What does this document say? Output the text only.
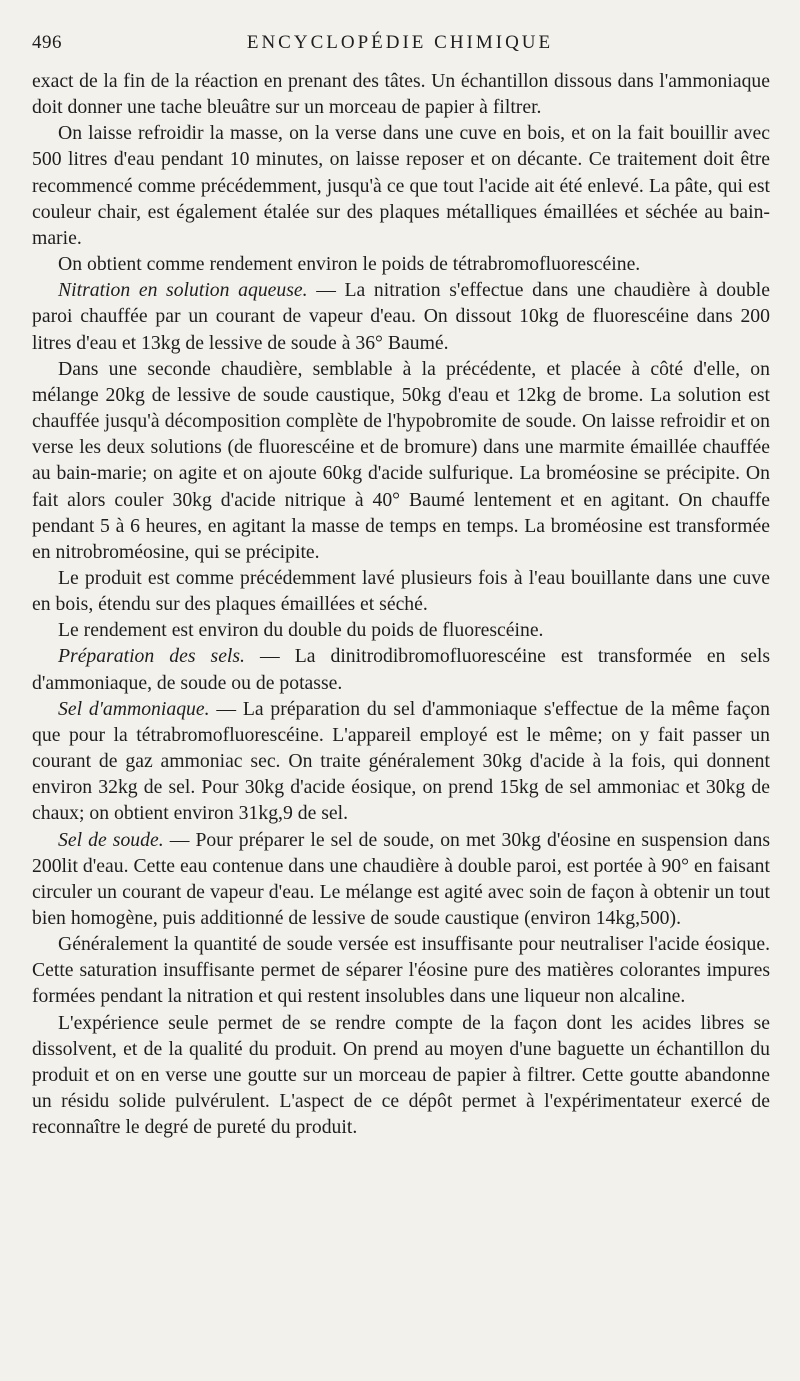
496	ENCYCLOPÉDIE CHIMIQUE

exact de la fin de la réaction en prenant des tâtes. Un échantillon dissous dans l'ammoniaque doit donner une tache bleuâtre sur un morceau de papier à filtrer.

On laisse refroidir la masse, on la verse dans une cuve en bois, et on la fait bouillir avec 500 litres d'eau pendant 10 minutes, on laisse reposer et on décante. Ce traitement doit être recommencé comme précédemment, jusqu'à ce que tout l'acide ait été enlevé. La pâte, qui est couleur chair, est également étalée sur des plaques métalliques émaillées et séchée au bain-marie.

On obtient comme rendement environ le poids de tétrabromofluorescéine.

Nitration en solution aqueuse. — La nitration s'effectue dans une chaudière à double paroi chauffée par un courant de vapeur d'eau. On dissout 10kg de fluorescéine dans 200 litres d'eau et 13kg de lessive de soude à 36° Baumé.

Dans une seconde chaudière, semblable à la précédente, et placée à côté d'elle, on mélange 20kg de lessive de soude caustique, 50kg d'eau et 12kg de brome. La solution est chauffée jusqu'à décomposition complète de l'hypobromite de soude. On laisse refroidir et on verse les deux solutions (de fluorescéine et de bromure) dans une marmite émaillée chauffée au bain-marie; on agite et on ajoute 60kg d'acide sulfurique. La broméosine se précipite. On fait alors couler 30kg d'acide nitrique à 40° Baumé lentement et en agitant. On chauffe pendant 5 à 6 heures, en agitant la masse de temps en temps. La broméosine est transformée en nitrobroméosine, qui se précipite.

Le produit est comme précédemment lavé plusieurs fois à l'eau bouillante dans une cuve en bois, étendu sur des plaques émaillées et séché.

Le rendement est environ du double du poids de fluorescéine.

Préparation des sels. — La dinitrodibromofluorescéine est transformée en sels d'ammoniaque, de soude ou de potasse.

Sel d'ammoniaque. — La préparation du sel d'ammoniaque s'effectue de la même façon que pour la tétrabromofluorescéine. L'appareil employé est le même; on y fait passer un courant de gaz ammoniac sec. On traite généralement 30kg d'acide à la fois, qui donnent environ 32kg de sel. Pour 30kg d'acide éosique, on prend 15kg de sel ammoniac et 30kg de chaux; on obtient environ 31kg,9 de sel.

Sel de soude. — Pour préparer le sel de soude, on met 30kg d'éosine en suspension dans 200lit d'eau. Cette eau contenue dans une chaudière à double paroi, est portée à 90° en faisant circuler un courant de vapeur d'eau. Le mélange est agité avec soin de façon à obtenir un tout bien homogène, puis additionné de lessive de soude caustique (environ 14kg,500).

Généralement la quantité de soude versée est insuffisante pour neutraliser l'acide éosique. Cette saturation insuffisante permet de séparer l'éosine pure des matières colorantes impures formées pendant la nitration et qui restent insolubles dans une liqueur non alcaline.

L'expérience seule permet de se rendre compte de la façon dont les acides libres se dissolvent, et de la qualité du produit. On prend au moyen d'une baguette un échantillon du produit et on en verse une goutte sur un morceau de papier à filtrer. Cette goutte abandonne un résidu solide pulvérulent. L'aspect de ce dépôt permet à l'expérimentateur exercé de reconnaître le degré de pureté du produit.
